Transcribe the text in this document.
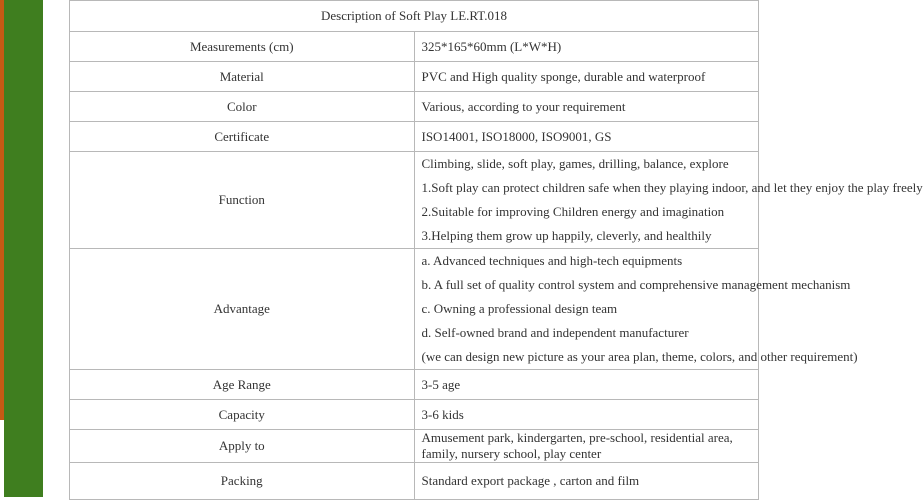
Description of Soft Play LE.RT.018	
Measurements (cm)	325*165*60mm (L*W*H)
Material	PVC and High quality sponge, durable and waterproof
Color	Various, according to your requirement
Certificate	ISO14001, ISO18000, ISO9001, GS
Function	Climbing, slide, soft play, games, drilling, balance, explore
1.Soft play can protect children safe when they playing indoor, and let they enjoy the play freely
2.Suitable for improving Children energy and imagination
3.Helping them grow up happily, cleverly, and healthily

Advantage	a. Advanced techniques and high-tech equipments
b. A full set of quality control system and comprehensive management mechanism
c. Owning a professional design team
d. Self-owned brand and independent manufacturer
(we can design new picture as your area plan, theme, colors, and other requirement)

Age Range	3-5 age
Capacity	3-6 kids
Apply to	Amusement park, kindergarten, pre-school, residential area, family, nursery school, play center
Packing	Standard export package , carton and film
